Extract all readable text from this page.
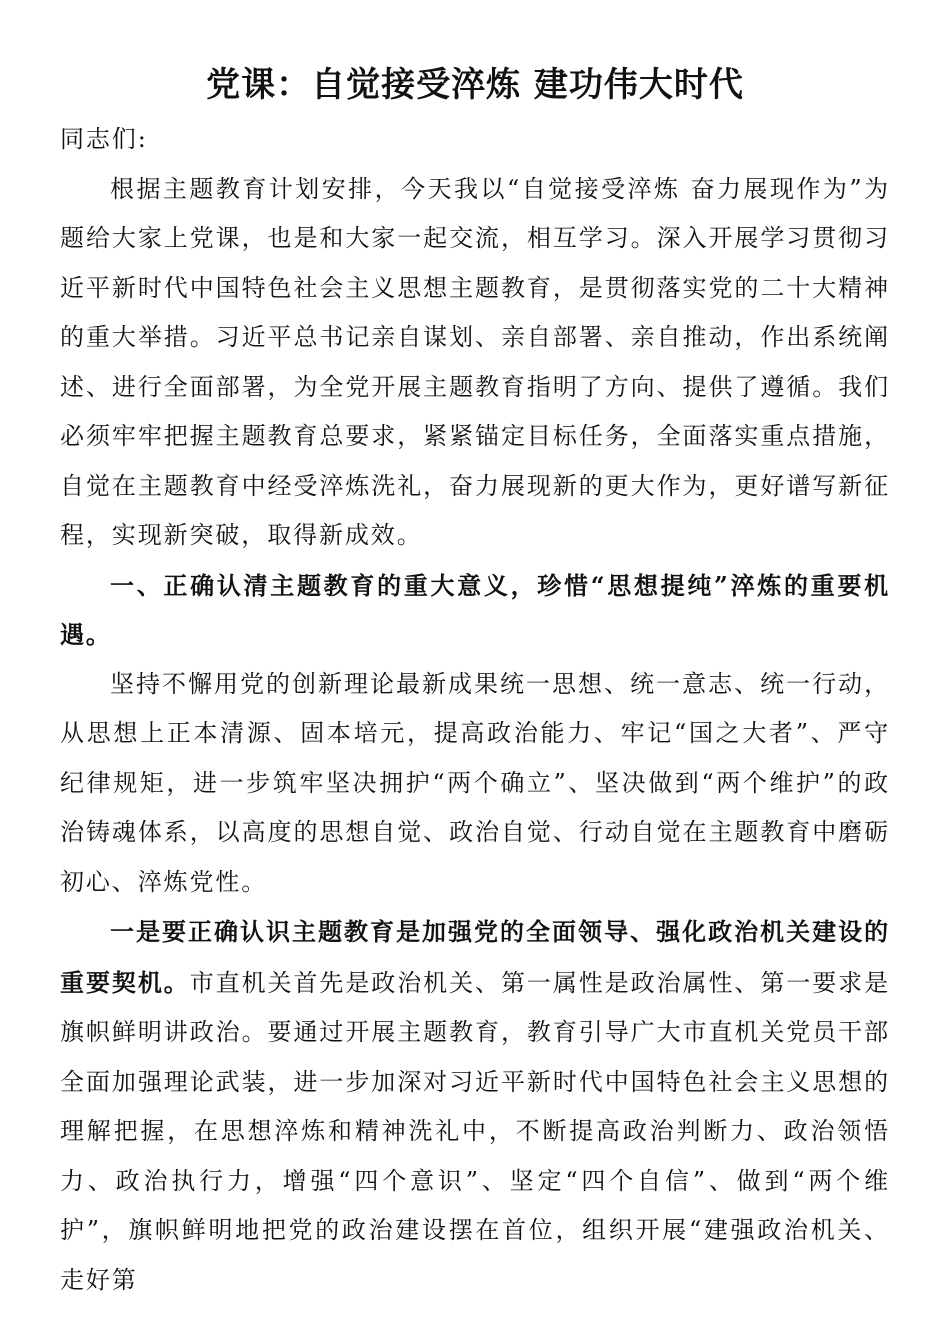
党课：自觉接受淬炼 建功伟大时代

同志们:

根据主题教育计划安排，今天我以“自觉接受淬炼 奋力展现作为”为题给大家上党课，也是和大家一起交流，相互学习。深入开展学习贯彻习近平新时代中国特色社会主义思想主题教育，是贯彻落实党的二十大精神的重大举措。习近平总书记亲自谋划、亲自部署、亲自推动，作出系统阐述、进行全面部署，为全党开展主题教育指明了方向、提供了遵循。我们必须牢牢把握主题教育总要求，紧紧锚定目标任务，全面落实重点措施，自觉在主题教育中经受淬炼洗礼，奋力展现新的更大作为，更好谱写新征程，实现新突破，取得新成效。

一、正确认清主题教育的重大意义，珍惜“思想提纯”淬炼的重要机遇。

坚持不懈用党的创新理论最新成果统一思想、统一意志、统一行动，从思想上正本清源、固本培元，提高政治能力、牢记“国之大者”、严守纪律规矩，进一步筑牢坚决拥护“两个确立”、坚决做到“两个维护”的政治铸魂体系，以高度的思想自觉、政治自觉、行动自觉在主题教育中磨砺初心、淬炼党性。

一是要正确认识主题教育是加强党的全面领导、强化政治机关建设的重要契机。市直机关首先是政治机关、第一属性是政治属性、第一要求是旗帜鲜明讲政治。要通过开展主题教育，教育引导广大市直机关党员干部全面加强理论武装，进一步加深对习近平新时代中国特色社会主义思想的理解把握，在思想淬炼和精神洗礼中，不断提高政治判断力、政治领悟力、政治执行力，增强“四个意识”、坚定“四个自信”、做到“两个维护”，旗帜鲜明地把党的政治建设摆在首位，组织开展“建强政治机关、走好第
